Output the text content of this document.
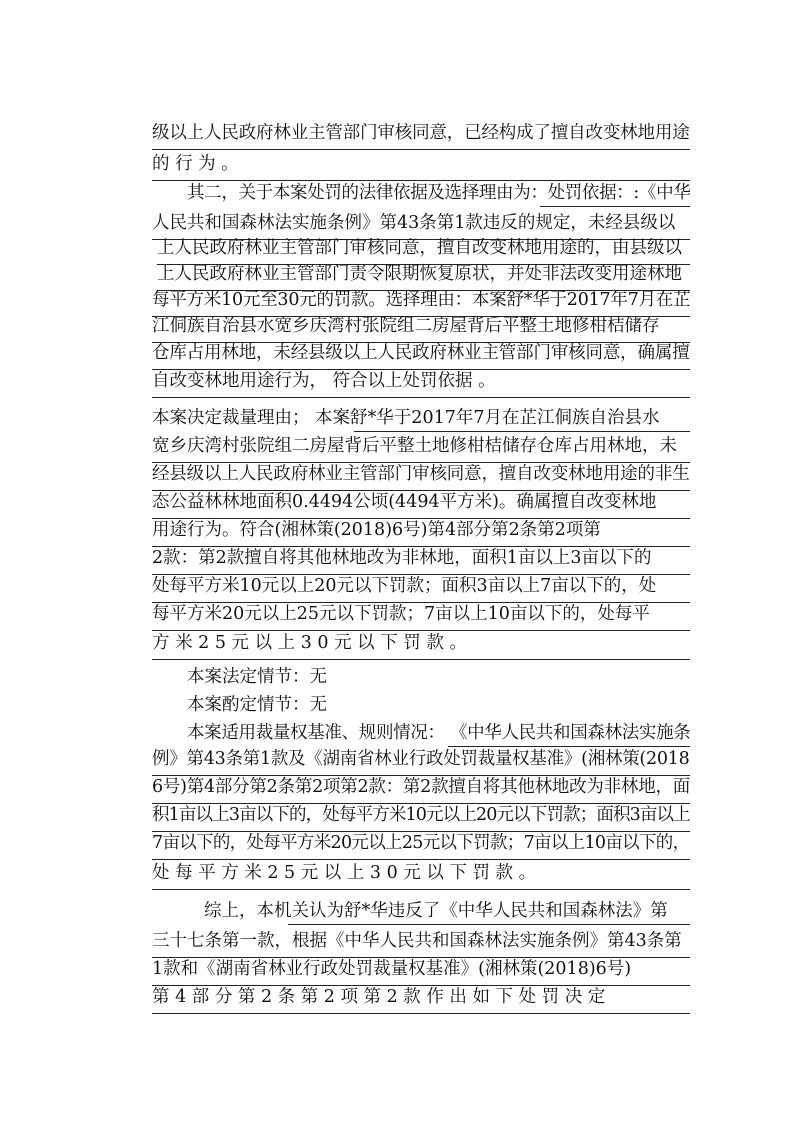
级以上人民政府林业主管部门审核同意，已经构成了擅自改变林地用途
的 行 为 。
其二，关于本案处罚的法律依据及选择理由为：处罚依据：:《中华
人民共和国森林法实施条例》第43条第1款违反的规定，未经县级以
上人民政府林业主管部门审核同意，擅自改变林地用途的，由县级以
上人民政府林业主管部门责令限期恢复原状，并处非法改变用途林地
每平方米10元至30元的罚款。选择理由：本案舒*华于2017年7月在芷
江侗族自治县水宽乡庆湾村张院组二房屋背后平整土地修柑桔储存
仓库占用林地，未经县级以上人民政府林业主管部门审核同意，确属擅
自改变林地用途行为， 符合以上处罚依据 。
本案决定裁量理由； 本案舒*华于2017年7月在芷江侗族自治县水
宽乡庆湾村张院组二房屋背后平整土地修柑桔储存仓库占用林地，未
经县级以上人民政府林业主管部门审核同意，擅自改变林地用途的非生
态公益林林地面积0.4494公顷(4494平方米)。确属擅自改变林地
用途行为。符合(湘林策(2018)6号)第4部分第2条第2项第
2款：第2款擅自将其他林地改为非林地，面积1亩以上3亩以下的
处每平方米10元以上20元以下罚款；面积3亩以上7亩以下的，处
每平方米20元以上25元以下罚款；7亩以上10亩以下的，处每平
方 米 2 5 元 以 上 3 0 元 以 下 罚 款 。
本案法定情节：无
本案酌定情节：无
本案适用裁量权基准、规则情况： 《中华人民共和国森林法实施条
例》第43条第1款及《湖南省林业行政处罚裁量权基准》(湘林策(2018
6号)第4部分第2条第2项第2款：第2款擅自将其他林地改为非林地，面
积1亩以上3亩以下的，处每平方米10元以上20元以下罚款；面积3亩以上
7亩以下的，处每平方米20元以上25元以下罚款；7亩以上10亩以下的，
处 每 平 方 米 2 5 元 以 上 3 0 元 以 下 罚 款 。
综上，本机关认为舒*华违反了《中华人民共和国森林法》第
三十七条第一款，根据《中华人民共和国森林法实施条例》第43条第
1款和《湖南省林业行政处罚裁量权基准》(湘林策(2018)6号)
第 4 部 分 第 2 条 第 2 项 第 2 款 作 出 如 下 处 罚 决 定
